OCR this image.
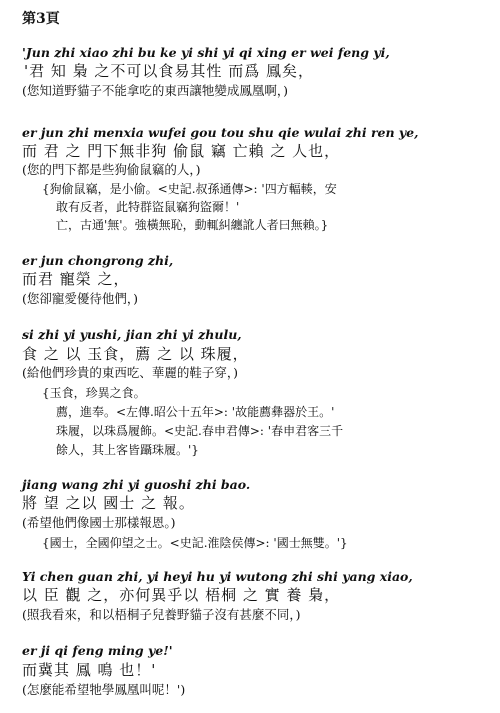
第3頁
'Jun zhi xiao zhi bu ke yi shi yi qi xing er wei feng yi,
'君 知 梟 之不可以食易其性 而爲 鳳矣，
(您知道野貓子不能拿吃的東西讓牠變成鳳凰啊，)
er jun zhi menxia wufei gou tou shu qie wulai zhi ren ye,
而 君 之 門下無非狗 偷鼠 竊 亡賴 之 人也，
(您的門下都是些狗偷鼠竊的人，)
{狗偷鼠竊，是小偷。<史記.叔孫通傳>: '四方輻輳，安
敢有反者，此特群盜鼠竊狗盜爾！'
亡，古通'無'。強橫無恥，動輒糾纏訛人者曰無賴。}
er jun chongrong zhi,
而君 寵榮 之，
(您卻寵愛優待他們，)
si zhi yi yushi, jian zhi yi zhulu,
食 之 以 玉食，薦 之 以 珠履，
(給他們珍貴的東西吃、華麗的鞋子穿，)
{玉食，珍異之食。
薦，進奉。<左傳.昭公十五年>: '故能薦彝器於王。'
珠履，以珠爲履飾。<史記.春申君傳>: '春申君客三千
餘人，其上客皆躡珠履。'}
jiang wang zhi yi guoshi zhi bao.
將 望 之以 國士 之 報。
(希望他們像國士那樣報恩。)
{國士，全國仰望之士。<史記.淮陰侯傳>: '國士無雙。'}
Yi chen guan zhi, yi heyi hu yi wutong zhi shi yang xiao,
以 臣 觀 之，亦何異乎以 梧桐 之 實 養 梟，
(照我看來，和以梧桐子兒養野貓子沒有甚麼不同，)
er ji qi feng ming ye!'
而冀其 鳳 鳴 也！'
(怎麼能希望牠學鳳凰叫呢！')
